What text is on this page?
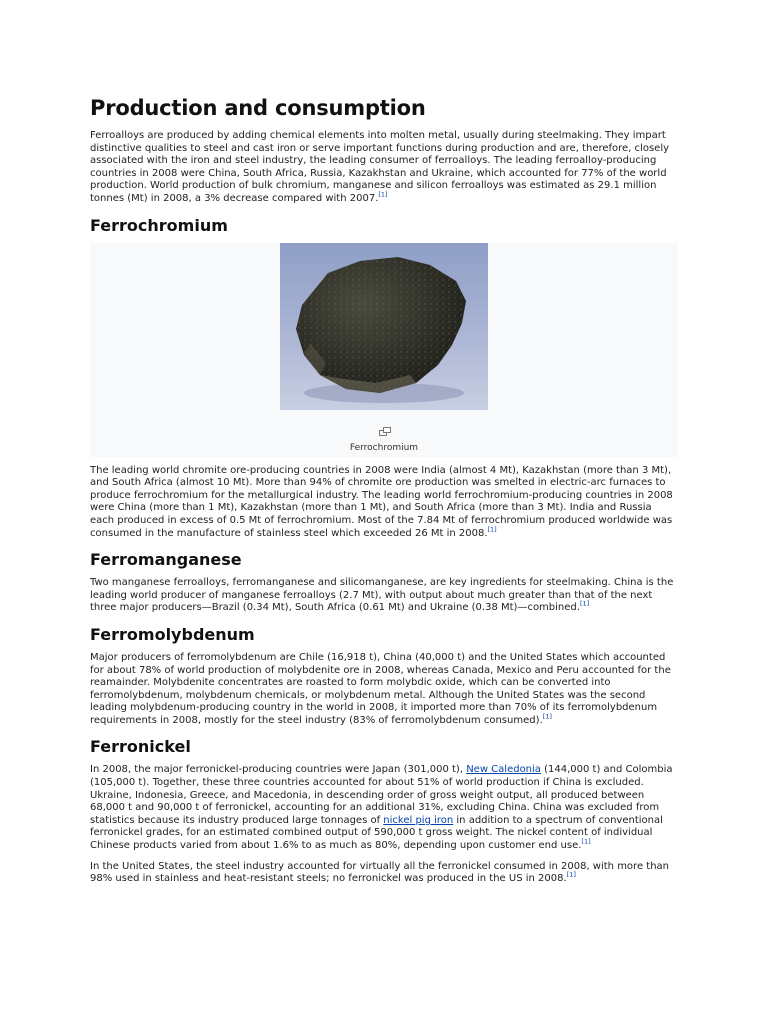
Production and consumption

Ferroalloys are produced by adding chemical elements into molten metal, usually during steelmaking. They impart distinctive qualities to steel and cast iron or serve important functions during production and are, therefore, closely associated with the iron and steel industry, the leading consumer of ferroalloys. The leading ferroalloy-producing countries in 2008 were China, South Africa, Russia, Kazakhstan and Ukraine, which accounted for 77% of the world production. World production of bulk chromium, manganese and silicon ferroalloys was estimated as 29.1 million tonnes (Mt) in 2008, a 3% decrease compared with 2007.[1]

Ferrochromium
Ferrochromium

The leading world chromite ore-producing countries in 2008 were India (almost 4 Mt), Kazakhstan (more than 3 Mt), and South Africa (almost 10 Mt). More than 94% of chromite ore production was smelted in electric-arc furnaces to produce ferrochromium for the metallurgical industry. The leading world ferrochromium-producing countries in 2008 were China (more than 1 Mt), Kazakhstan (more than 1 Mt), and South Africa (more than 3 Mt). India and Russia each produced in excess of 0.5 Mt of ferrochromium. Most of the 7.84 Mt of ferrochromium produced worldwide was consumed in the manufacture of stainless steel which exceeded 26 Mt in 2008.[1]

Ferromanganese

Two manganese ferroalloys, ferromanganese and silicomanganese, are key ingredients for steelmaking. China is the leading world producer of manganese ferroalloys (2.7 Mt), with output about much greater than that of the next three major producers—Brazil (0.34 Mt), South Africa (0.61 Mt) and Ukraine (0.38 Mt)—combined.[1]

Ferromolybdenum

Major producers of ferromolybdenum are Chile (16,918 t), China (40,000 t) and the United States which accounted for about 78% of world production of molybdenite ore in 2008, whereas Canada, Mexico and Peru accounted for the reamainder. Molybdenite concentrates are roasted to form molybdic oxide, which can be converted into ferromolybdenum, molybdenum chemicals, or molybdenum metal. Although the United States was the second leading molybdenum-producing country in the world in 2008, it imported more than 70% of its ferromolybdenum requirements in 2008, mostly for the steel industry (83% of ferromolybdenum consumed).[1]

Ferronickel

In 2008, the major ferronickel-producing countries were Japan (301,000 t), New Caledonia (144,000 t) and Colombia (105,000 t). Together, these three countries accounted for about 51% of world production if China is excluded. Ukraine, Indonesia, Greece, and Macedonia, in descending order of gross weight output, all produced between 68,000 t and 90,000 t of ferronickel, accounting for an additional 31%, excluding China. China was excluded from statistics because its industry produced large tonnages of nickel pig iron in addition to a spectrum of conventional ferronickel grades, for an estimated combined output of 590,000 t gross weight. The nickel content of individual Chinese products varied from about 1.6% to as much as 80%, depending upon customer end use.[1]

In the United States, the steel industry accounted for virtually all the ferronickel consumed in 2008, with more than 98% used in stainless and heat-resistant steels; no ferronickel was produced in the US in 2008.[1]
